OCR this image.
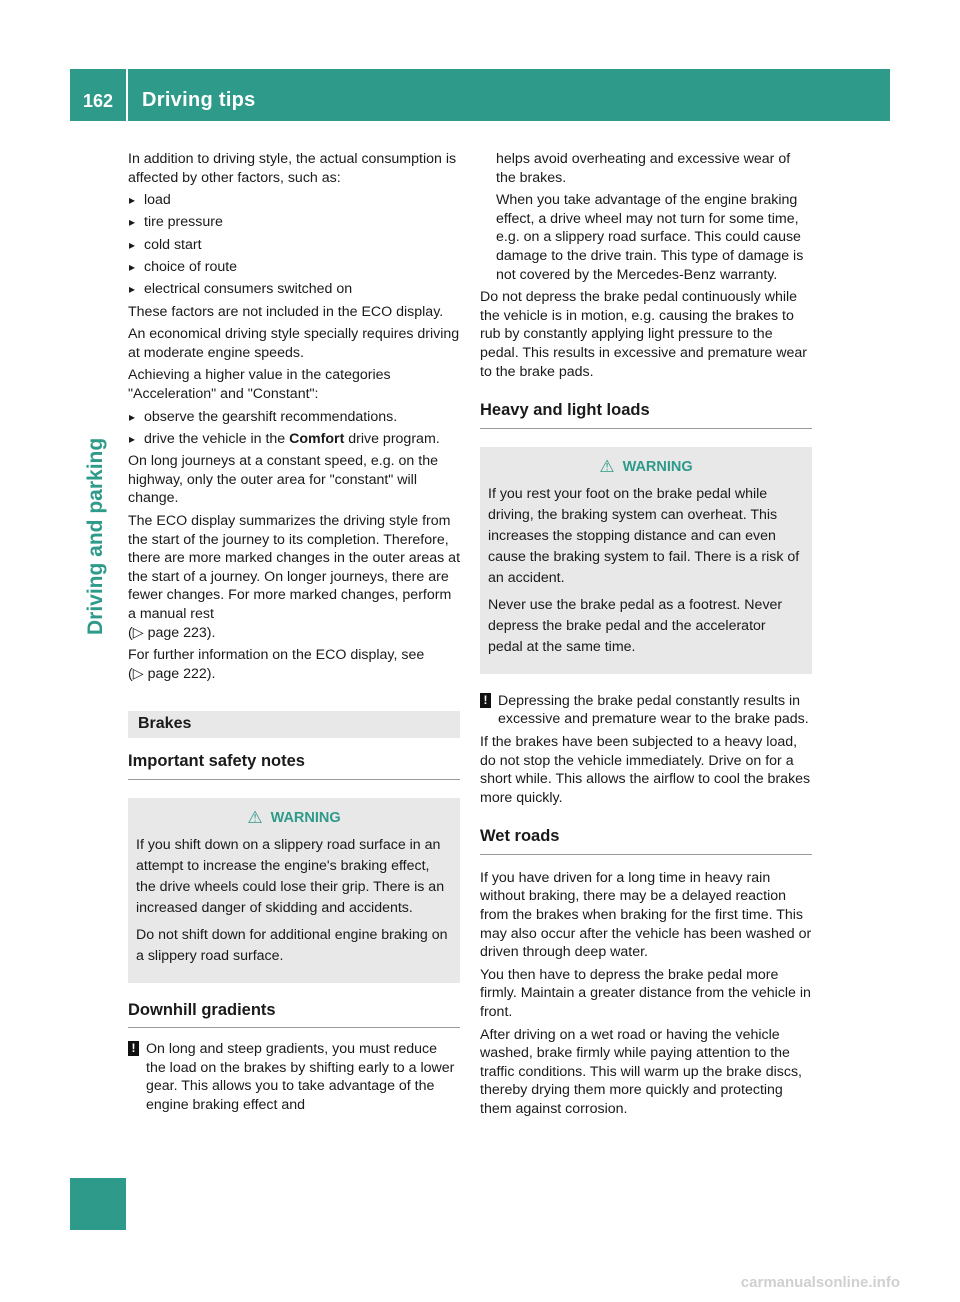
162	Driving tips
Driving and parking

In addition to driving style, the actual consumption is affected by other factors, such as:

▸ load
▸ tire pressure
▸ cold start
▸ choice of route
▸ electrical consumers switched on

These factors are not included in the ECO display.

An economical driving style specially requires driving at moderate engine speeds.

Achieving a higher value in the categories "Acceleration" and "Constant":

▸ observe the gearshift recommendations.
▸ drive the vehicle in the Comfort drive program.

On long journeys at a constant speed, e.g. on the highway, only the outer area for "constant" will change.

The ECO display summarizes the driving style from the start of the journey to its completion. Therefore, there are more marked changes in the outer areas at the start of a journey. On longer journeys, there are fewer changes. For more marked changes, perform a manual rest
(▷ page 223).

For further information on the ECO display, see
(▷ page 222).

Brakes
Important safety notes
⚠ WARNING

If you shift down on a slippery road surface in an attempt to increase the engine's braking effect, the drive wheels could lose their grip. There is an increased danger of skidding and accidents.

Do not shift down for additional engine braking on a slippery road surface.

Downhill gradients
! On long and steep gradients, you must reduce the load on the brakes by shifting early to a lower gear. This allows you to take advantage of the engine braking effect and

helps avoid overheating and excessive wear of the brakes.

When you take advantage of the engine braking effect, a drive wheel may not turn for some time, e.g. on a slippery road surface. This could cause damage to the drive train. This type of damage is not covered by the Mercedes-Benz warranty.

Do not depress the brake pedal continuously while the vehicle is in motion, e.g. causing the brakes to rub by constantly applying light pressure to the pedal. This results in excessive and premature wear to the brake pads.

Heavy and light loads
⚠ WARNING

If you rest your foot on the brake pedal while driving, the braking system can overheat. This increases the stopping distance and can even cause the braking system to fail. There is a risk of an accident.

Never use the brake pedal as a footrest. Never depress the brake pedal and the accelerator pedal at the same time.

! Depressing the brake pedal constantly results in excessive and premature wear to the brake pads.

If the brakes have been subjected to a heavy load, do not stop the vehicle immediately. Drive on for a short while. This allows the airflow to cool the brakes more quickly.

Wet roads

If you have driven for a long time in heavy rain without braking, there may be a delayed reaction from the brakes when braking for the first time. This may also occur after the vehicle has been washed or driven through deep water.

You then have to depress the brake pedal more firmly. Maintain a greater distance from the vehicle in front.

After driving on a wet road or having the vehicle washed, brake firmly while paying attention to the traffic conditions. This will warm up the brake discs, thereby drying them more quickly and protecting them against corrosion.

carmanualsonline.info
